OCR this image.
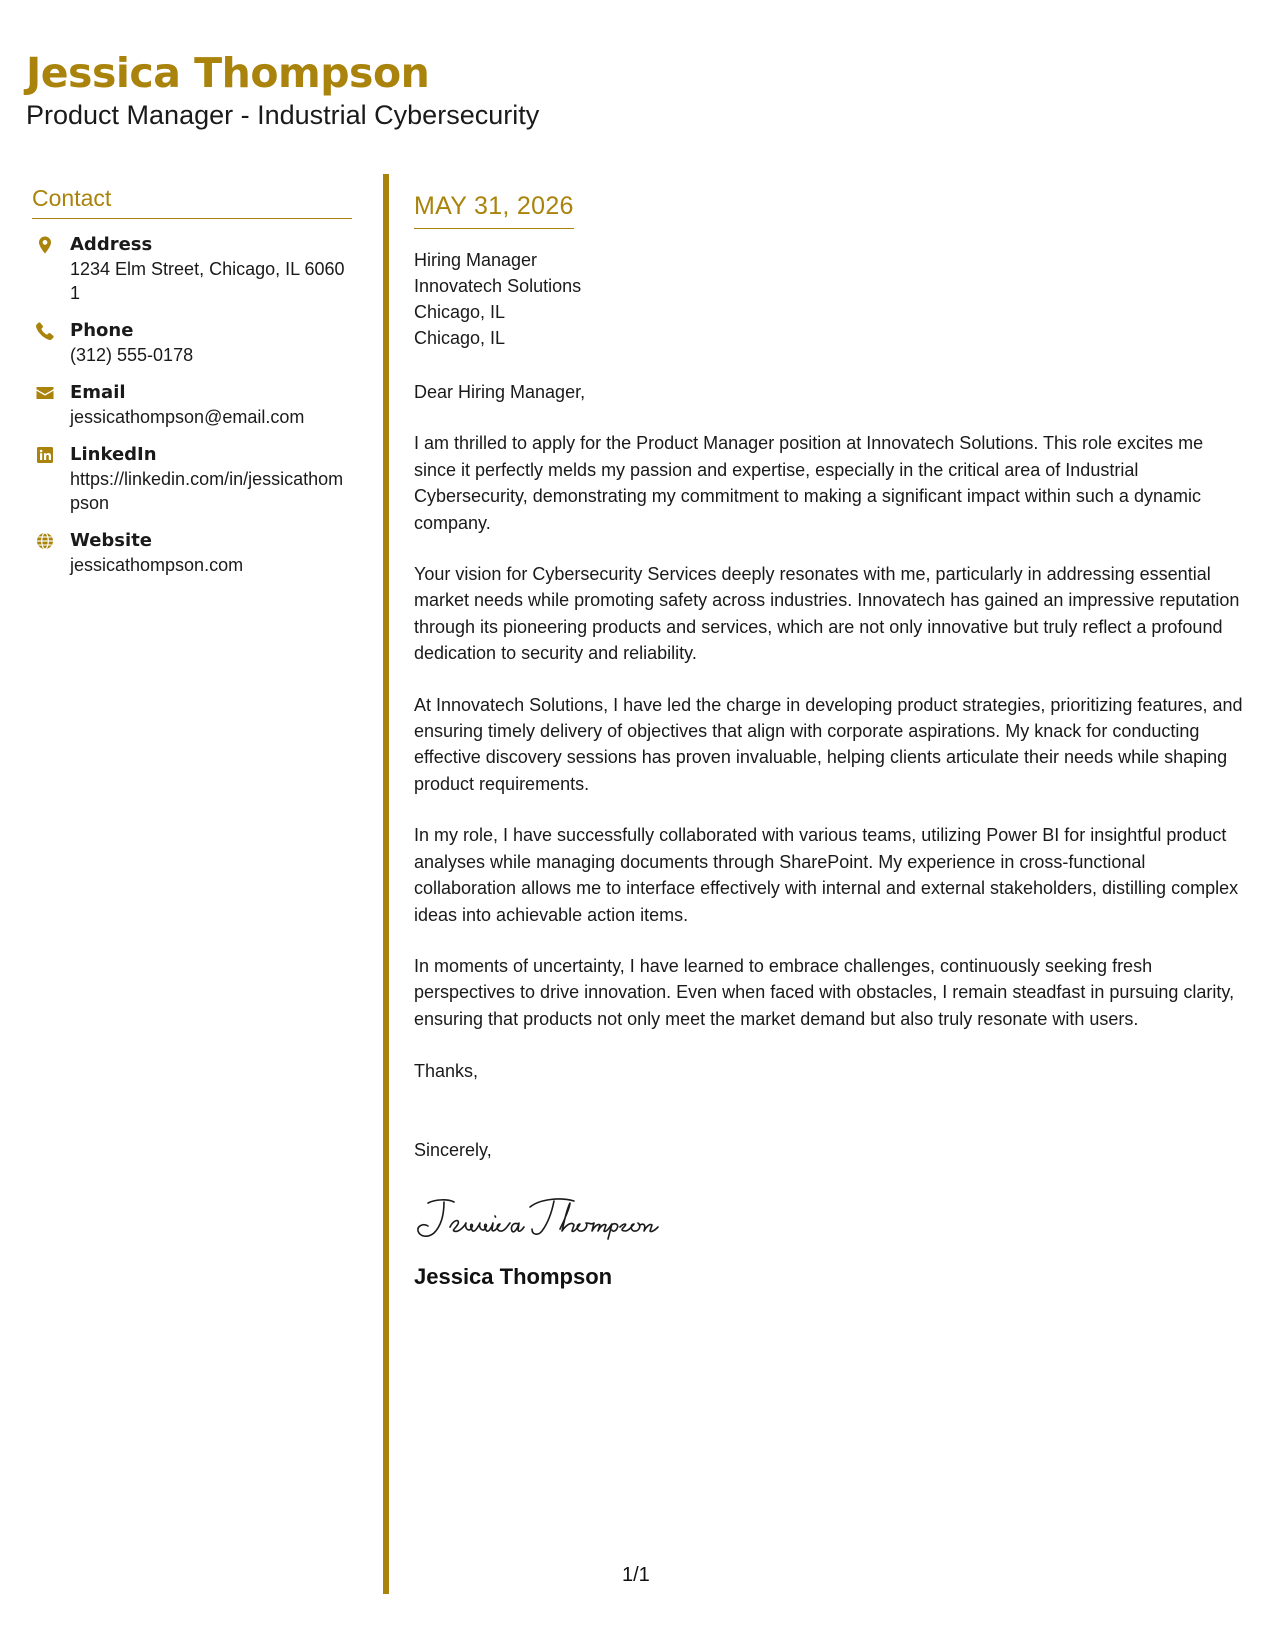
Jessica Thompson
Product Manager - Industrial Cybersecurity
Contact
Address
1234 Elm Street, Chicago, IL 60601
Phone
(312) 555-0178
Email
jessicathompson@email.com
LinkedIn
https://linkedin.com/in/jessicathompson
Website
jessicathompson.com
MAY 31, 2026
Hiring Manager
Innovatech Solutions
Chicago, IL
Chicago, IL
Dear Hiring Manager,
I am thrilled to apply for the Product Manager position at Innovatech Solutions. This role excites me since it perfectly melds my passion and expertise, especially in the critical area of Industrial Cybersecurity, demonstrating my commitment to making a significant impact within such a dynamic company.
Your vision for Cybersecurity Services deeply resonates with me, particularly in addressing essential market needs while promoting safety across industries. Innovatech has gained an impressive reputation through its pioneering products and services, which are not only innovative but truly reflect a profound dedication to security and reliability.
At Innovatech Solutions, I have led the charge in developing product strategies, prioritizing features, and ensuring timely delivery of objectives that align with corporate aspirations. My knack for conducting effective discovery sessions has proven invaluable, helping clients articulate their needs while shaping product requirements.
In my role, I have successfully collaborated with various teams, utilizing Power BI for insightful product analyses while managing documents through SharePoint. My experience in cross-functional collaboration allows me to interface effectively with internal and external stakeholders, distilling complex ideas into achievable action items.
In moments of uncertainty, I have learned to embrace challenges, continuously seeking fresh perspectives to drive innovation. Even when faced with obstacles, I remain steadfast in pursuing clarity, ensuring that products not only meet the market demand but also truly resonate with users.
Thanks,
Sincerely,
Jessica Thompson
1/1
